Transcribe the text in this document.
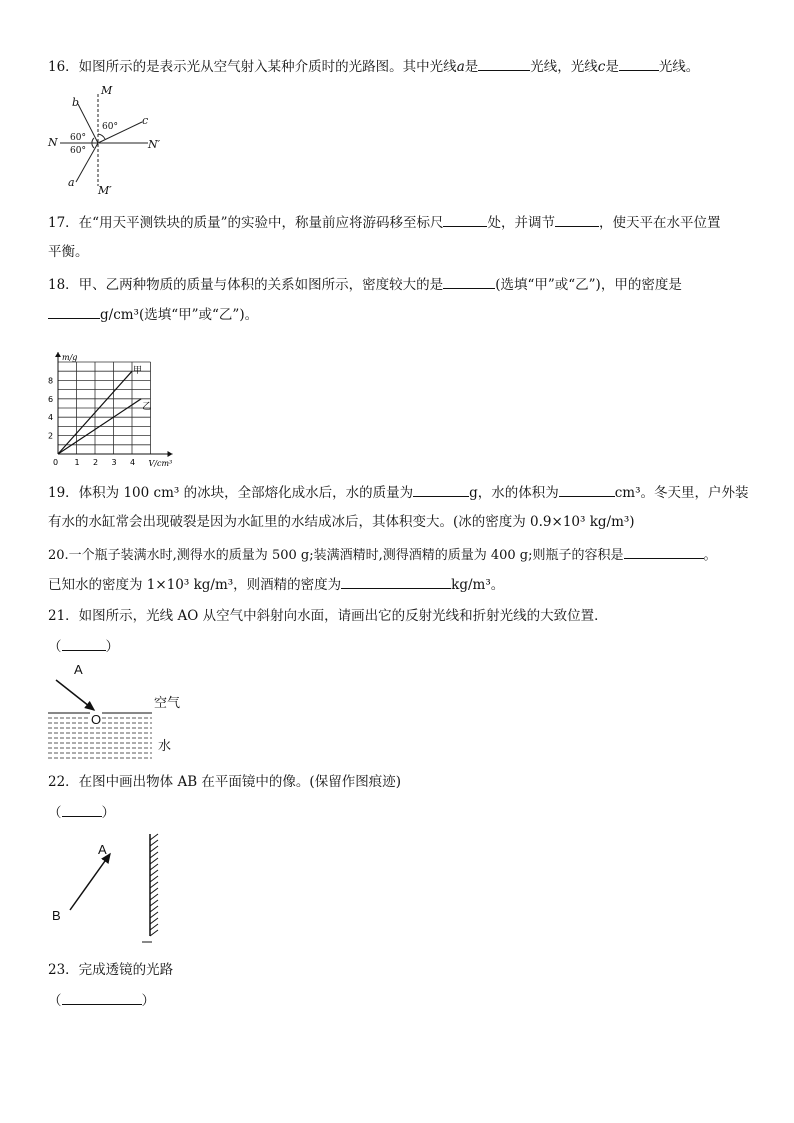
16．如图所示的是表示光从空气射入某种介质时的光路图。其中光线a是	光线，光线c是	光线。
M
M′
N	N′
b
a
c
60°
60°
60°
17．在“用天平测铁块的质量”的实验中，称量前应将游码移至标尺	处，并调节	，使天平在水平位置
平衡。
18．甲、乙两种物质的质量与体积的关系如图所示，密度较大的是	(选填“甲”或“乙”)，甲的密度是
g/cm³(选填“甲”或“乙”)。
V/cm³
m/g
0 1 2 3 4
2
4
6
8
甲
乙
19．体积为 100 cm³ 的冰块，全部熔化成水后，水的质量为	g，水的体积为	cm³。冬天里，户外装
有水的水缸常会出现破裂是因为水缸里的水结成冰后，其体积变大。(冰的密度为 0.9×10³ kg/m³)
20.一个瓶子装满水时,测得水的质量为 500 g;装满酒精时,测得酒精的质量为 400 g;则瓶子的容积是	。
已知水的密度为 1×10³ kg/m³，则酒精的密度为	kg/m³。
21．如图所示，光线 AO 从空气中斜射向水面，请画出它的反射光线和折射光线的大致位置．
（	）
A
O
空气
水
22．在图中画出物体 AB 在平面镜中的像。(保留作图痕迹)
（	）
A
B
23．完成透镜的光路
（	）
